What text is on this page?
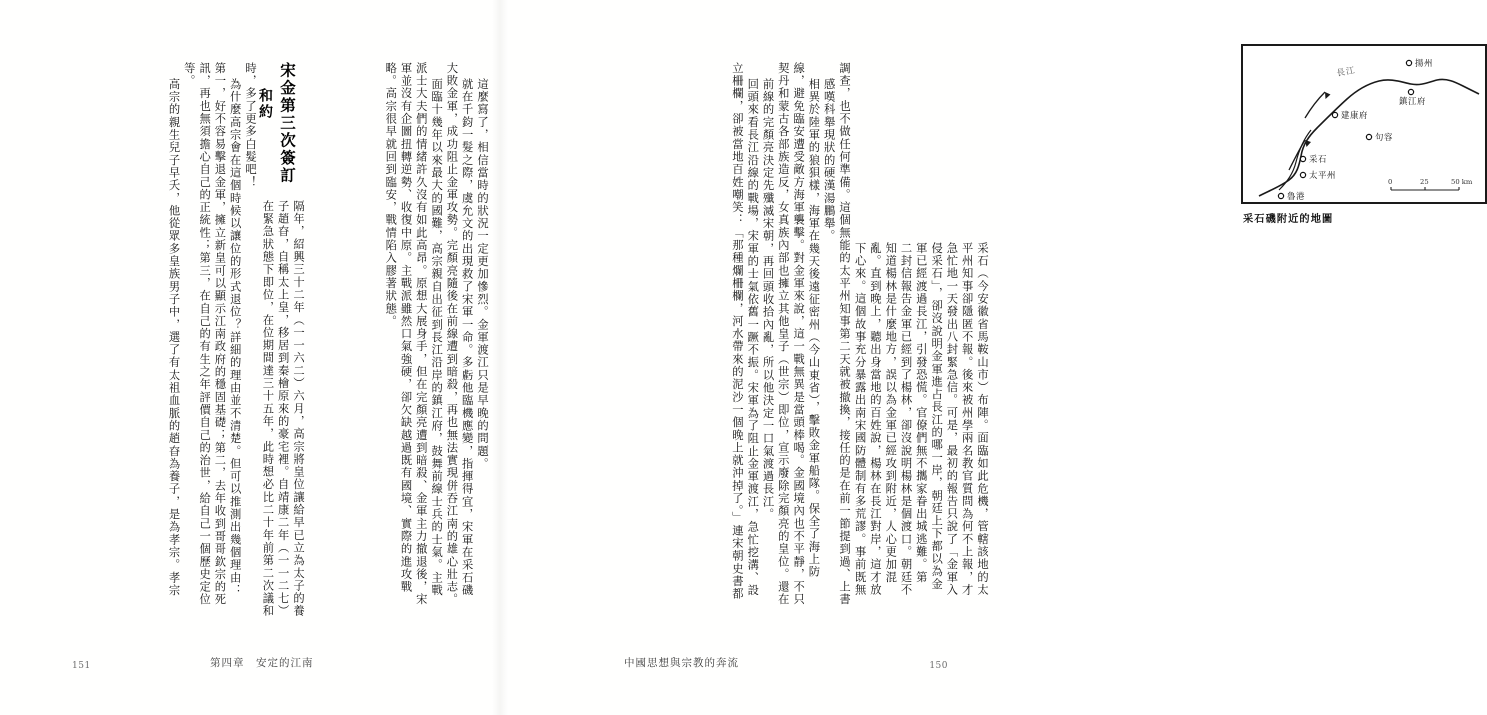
長江
揚州
鎮江府
建康府
句容
采石
太平州
魯港
0	25	50 km
采石磯附近的地圖
采石（今安徽省馬鞍山市）布陣。面臨如此危機，管轄該地的太
平州知事卻隱匿不報。後來被州學兩名教官質問為何不上報，才
急忙地一天發出八封緊急信。可是，最初的報告只說了「金軍入
侵采石」，卻沒說明金軍進占長江的哪一岸，朝廷上下都以為金
軍已經渡過長江，引發恐慌。官僚們無不攜家眷出城逃難。第
二封信報告金軍已經到了楊林，卻沒說明楊林是個渡口。朝廷不
知道楊林是什麼地方，誤以為金軍已經攻到附近，人心更加混
亂。直到晚上，聽出身當地的百姓說，楊林在長江對岸，這才放
下心來。這個故事充分暴露出南宋國防體制有多荒謬。事前既無
調查，也不做任何準備。這個無能的太平州知事第二天就被撤換，接任的是在前一節提到過、上書
感嘆科舉現狀的硬漢湯鵬舉。
相異於陸軍的狼狽樣，海軍在幾天後遠征密州（今山東省），擊敗金軍船隊。保全了海上防
線，避免臨安遭受敵方海軍襲擊。對金軍來說，這一戰無異是當頭棒喝。金國境內也不平靜，不只
契丹和蒙古各部族造反，女真族內部也擁立其他皇子（世宗）即位，宣示廢除完顏亮的皇位。還在
前線的完顏亮決定先殲滅宋朝，再回頭收拾內亂，所以他決定一口氣渡過長江。
回頭來看長江沿線的戰場，宋軍的士氣依舊一蹶不振。宋軍為了阻止金軍渡江，急忙挖溝、設
立柵欄，卻被當地百姓嘲笑：「那種爛柵欄，河水帶來的泥沙一個晚上就沖掉了。」連宋朝史書都
中國思想與宗教的奔流	150
宋金第三次簽訂
和約	這麼寫了，相信當時的狀況一定更加慘烈。金軍渡江只是早晚的問題。
就在千鈞一髮之際，虞允文的出現救了宋軍一命。多虧他臨機應變，指揮得宜，宋軍在采石磯
大敗金軍，成功阻止金軍攻勢。完顏亮隨後在前線遭到暗殺，再也無法實現併吞江南的雄心壯志。
面臨十幾年以來最大的國難，高宗親自出征到長江沿岸的鎮江府，鼓舞前線士兵的士氣。主戰
派士大夫們的情緒許久沒有如此高昂。原想大展身手，但在完顏亮遭到暗殺、金軍主力撤退後，宋
軍並沒有企圖扭轉逆勢、收復中原。主戰派雖然口氣強硬，卻欠缺越過既有國境、實際的進攻戰
略。高宗很早就回到臨安，戰情陷入膠著狀態。
隔年，紹興三十二年（一一六二）六月，高宗將皇位讓給早已立為太子的養
子趙昚，自稱太上皇，移居到秦檜原來的豪宅裡。自靖康二年（一一二七）
在緊急狀態下即位，在位期間達三十五年，此時想必比二十年前第二次議和
時，多了更多白髮吧！
為什麼高宗會在這個時候以讓位的形式退位？詳細的理由並不清楚。但可以推測出幾個理由：
第一，好不容易擊退金軍，擁立新皇可以顯示江南政府的穩固基礎；第二，去年收到哥哥欽宗的死
訊，再也無須擔心自己的正統性；第三，在自己的有生之年評價自己的治世，給自己一個歷史定位
等。
高宗的親生兒子早夭，他從眾多皇族男子中，選了有太祖血脈的趙昚為養子，是為孝宗。孝宗
第四章　安定的江南
151
